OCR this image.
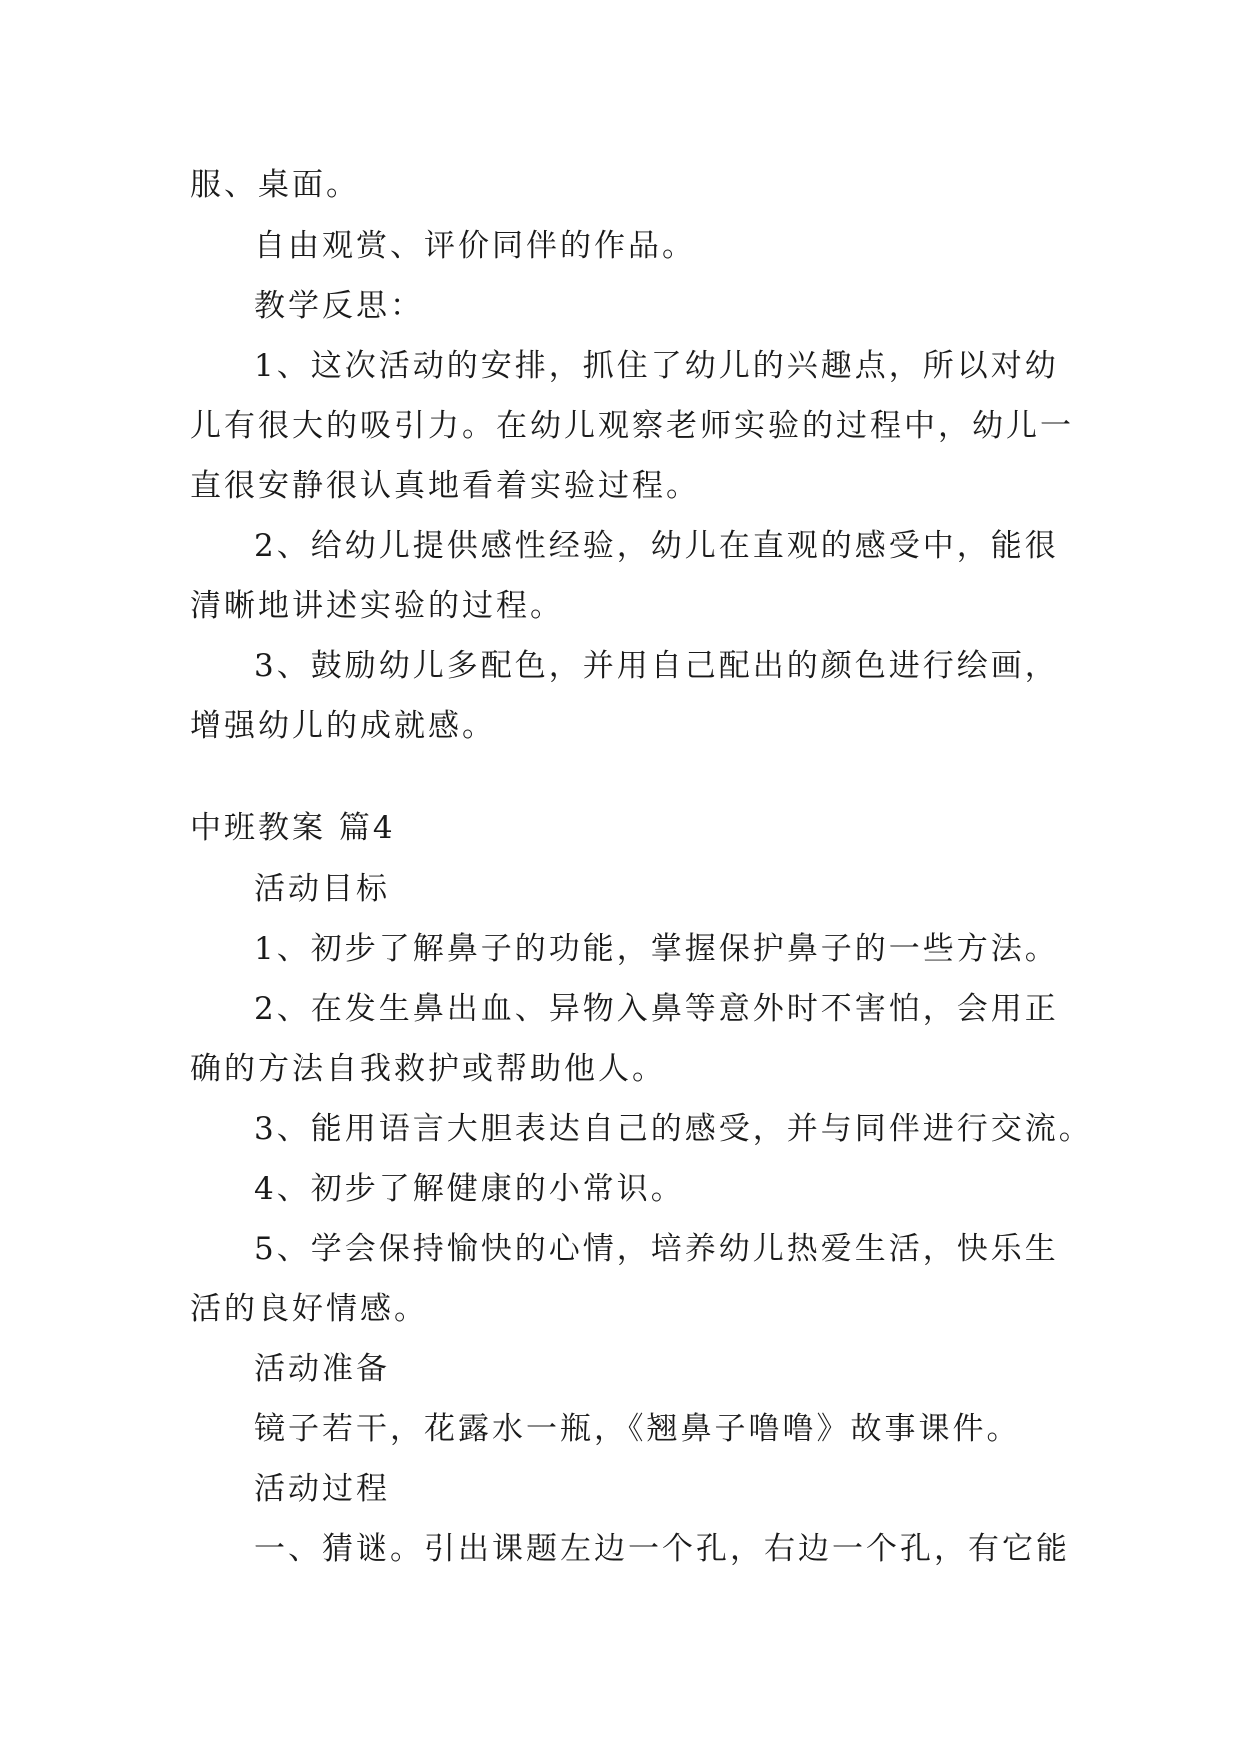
服、桌面。
自由观赏、评价同伴的作品。
教学反思：
1、这次活动的安排，抓住了幼儿的兴趣点，所以对幼
儿有很大的吸引力。在幼儿观察老师实验的过程中，幼儿一
直很安静很认真地看着实验过程。
2、给幼儿提供感性经验，幼儿在直观的感受中，能很
清晰地讲述实验的过程。
3、鼓励幼儿多配色，并用自己配出的颜色进行绘画，
增强幼儿的成就感。
中班教案 篇4
活动目标
1、初步了解鼻子的功能，掌握保护鼻子的一些方法。
2、在发生鼻出血、异物入鼻等意外时不害怕，会用正
确的方法自我救护或帮助他人。
3、能用语言大胆表达自己的感受，并与同伴进行交流。
4、初步了解健康的小常识。
5、学会保持愉快的心情，培养幼儿热爱生活，快乐生
活的良好情感。
活动准备
镜子若干，花露水一瓶，《翘鼻子噜噜》故事课件。
活动过程
一、猜谜。引出课题左边一个孔，右边一个孔，有它能
